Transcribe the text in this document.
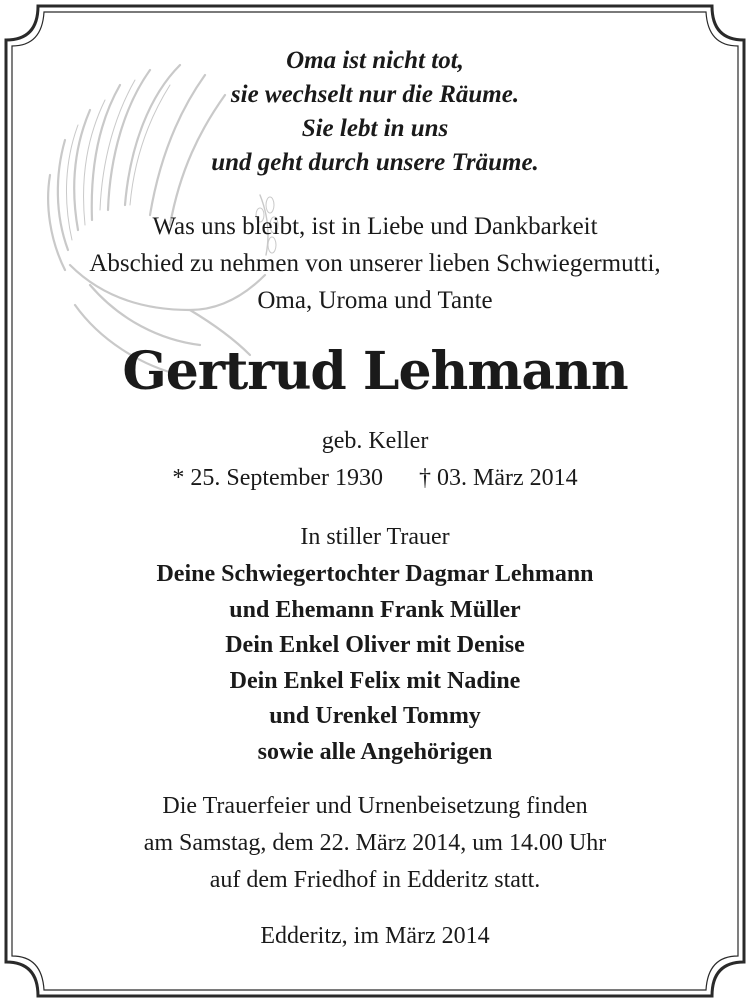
Oma ist nicht tot,
sie wechselt nur die Räume.
Sie lebt in uns
und geht durch unsere Träume.
Was uns bleibt, ist in Liebe und Dankbarkeit
Abschied zu nehmen von unserer lieben Schwiegermutti,
Oma, Uroma und Tante
Gertrud Lehmann
geb. Keller
* 25. September 1930 † 03. März 2014
In stiller Trauer
Deine Schwiegertochter Dagmar Lehmann
und Ehemann Frank Müller
Dein Enkel Oliver mit Denise
Dein Enkel Felix mit Nadine
und Urenkel Tommy
sowie alle Angehörigen
Die Trauerfeier und Urnenbeisetzung finden
am Samstag, dem 22. März 2014, um 14.00 Uhr
auf dem Friedhof in Edderitz statt.
Edderitz, im März 2014
